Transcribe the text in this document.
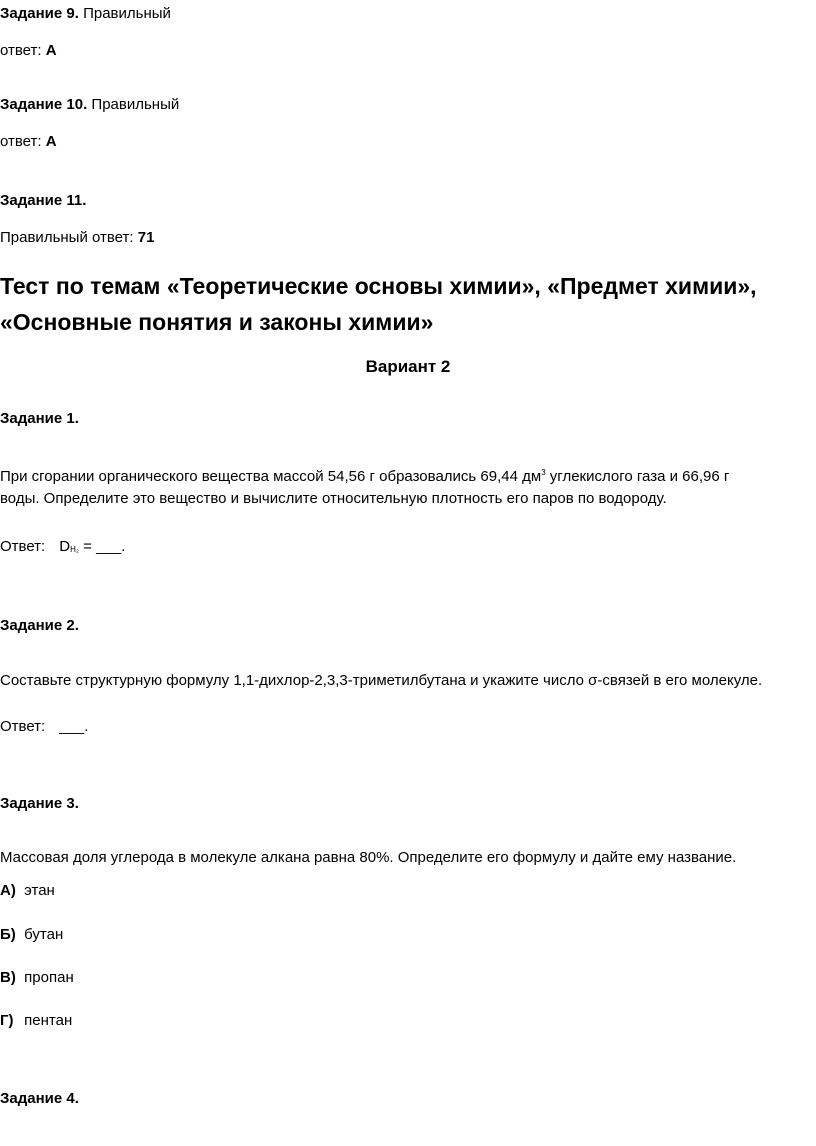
Задание 9. Правильный
ответ: А
Задание 10. Правильный
ответ: А
Задание 11.
Правильный ответ: 71
Тест по темам «Теоретические основы химии», «Предмет химии»,
«Основные понятия и законы химии»
Вариант 2
Задание 1.
При сгорании органического вещества массой 54,56 г образовались 69,44 $дм^3$ углекислого газа и 66,96 г
воды. Определите это вещество и вычислите относительную плотность его паров по водороду.
Ответ: DH₂ = ___.
Задание 2.
Составьте структурную формулу 1,1-дихлор-2,3,3-триметилбутана и укажите число σ-связей в его молекуле.
Ответ: ___.
Задание 3.
Массовая доля углерода в молекуле алкана равна 80%. Определите его формулу и дайте ему название.
А) этан
Б) бутан
В) пропан
Г) пентан
Задание 4.
